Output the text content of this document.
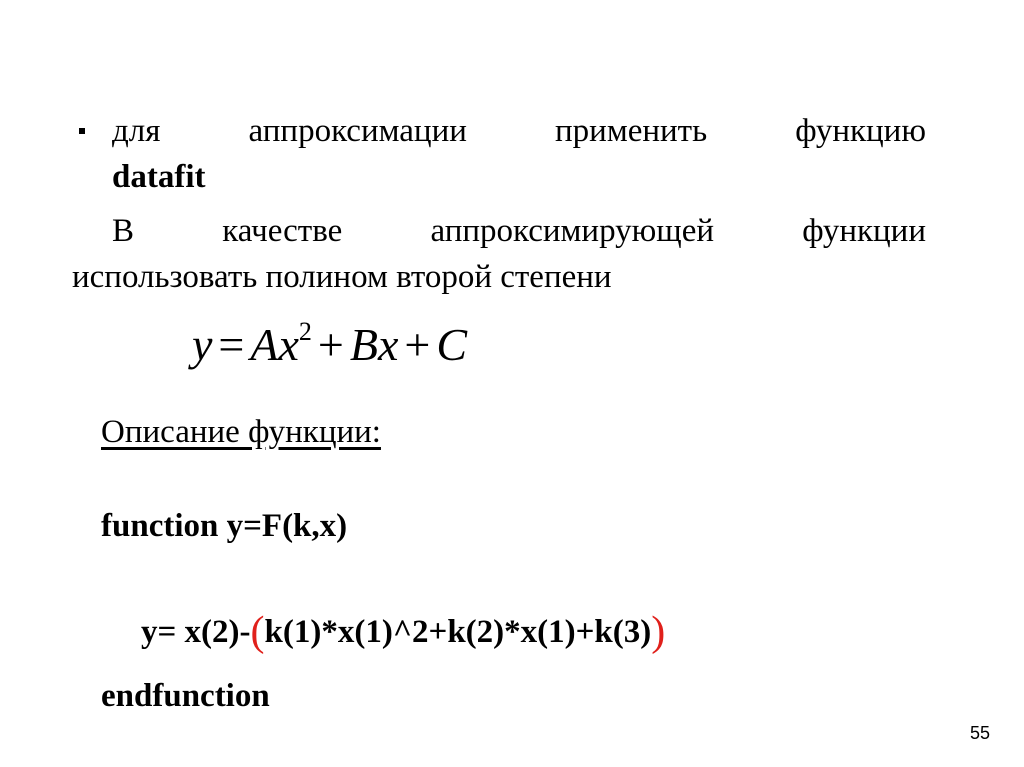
для аппроксимации применить функцию
datafit
В качестве аппроксимирующей функции
использовать полином второй степени
$y = Ax^2 + Bx + C$
Описание функции:
function y=F(k,x)
y= x(2)-(k(1)*x(1)^2+k(2)*x(1)+k(3))
endfunction
55
